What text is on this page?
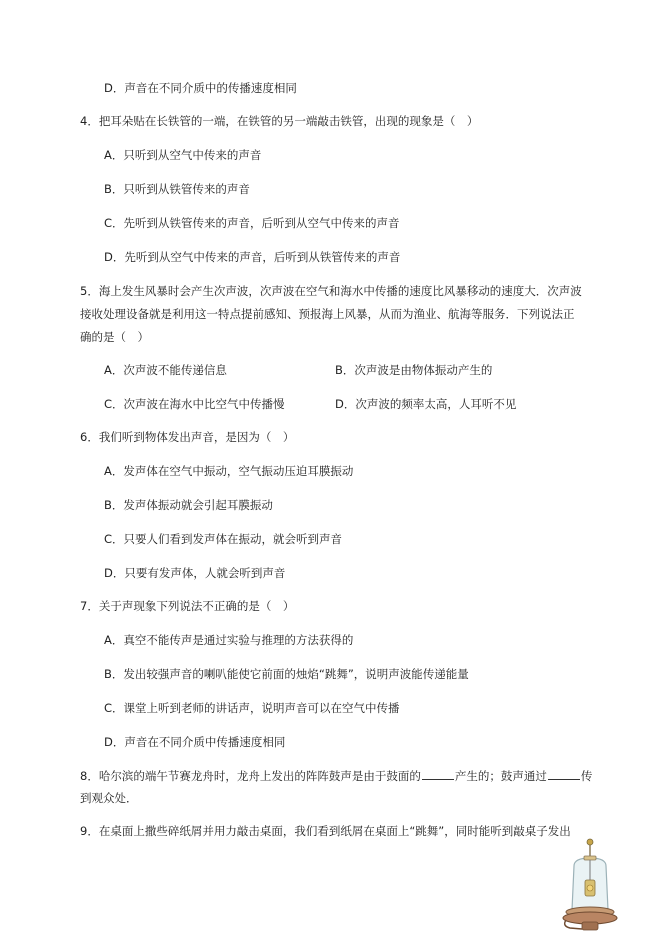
D．声音在不同介质中的传播速度相同
4．把耳朵贴在长铁管的一端，在铁管的另一端敲击铁管，出现的现象是（　）
A．只听到从空气中传来的声音
B．只听到从铁管传来的声音
C．先听到从铁管传来的声音，后听到从空气中传来的声音
D．先听到从空气中传来的声音，后听到从铁管传来的声音
5．海上发生风暴时会产生次声波，次声波在空气和海水中传播的速度比风暴移动的速度大．次声波
接收处理设备就是利用这一特点提前感知、预报海上风暴，从而为渔业、航海等服务．下列说法正
确的是（　）
A．次声波不能传递信息	B．次声波是由物体振动产生的
C．次声波在海水中比空气中传播慢	D．次声波的频率太高，人耳听不见
6．我们听到物体发出声音，是因为（　）
A．发声体在空气中振动，空气振动压迫耳膜振动
B．发声体振动就会引起耳膜振动
C．只要人们看到发声体在振动，就会听到声音
D．只要有发声体，人就会听到声音
7．关于声现象下列说法不正确的是（　）
A．真空不能传声是通过实验与推理的方法获得的
B．发出较强声音的喇叭能使它前面的烛焰“跳舞”，说明声波能传递能量
C．课堂上听到老师的讲话声，说明声音可以在空气中传播
D．声音在不同介质中传播速度相同
8．哈尔滨的端午节赛龙舟时，龙舟上发出的阵阵鼓声是由于鼓面的	产生的；鼓声通过	传
到观众处．
9．在桌面上撒些碎纸屑并用力敲击桌面，我们看到纸屑在桌面上“跳舞”，同时能听到敲桌子发出
